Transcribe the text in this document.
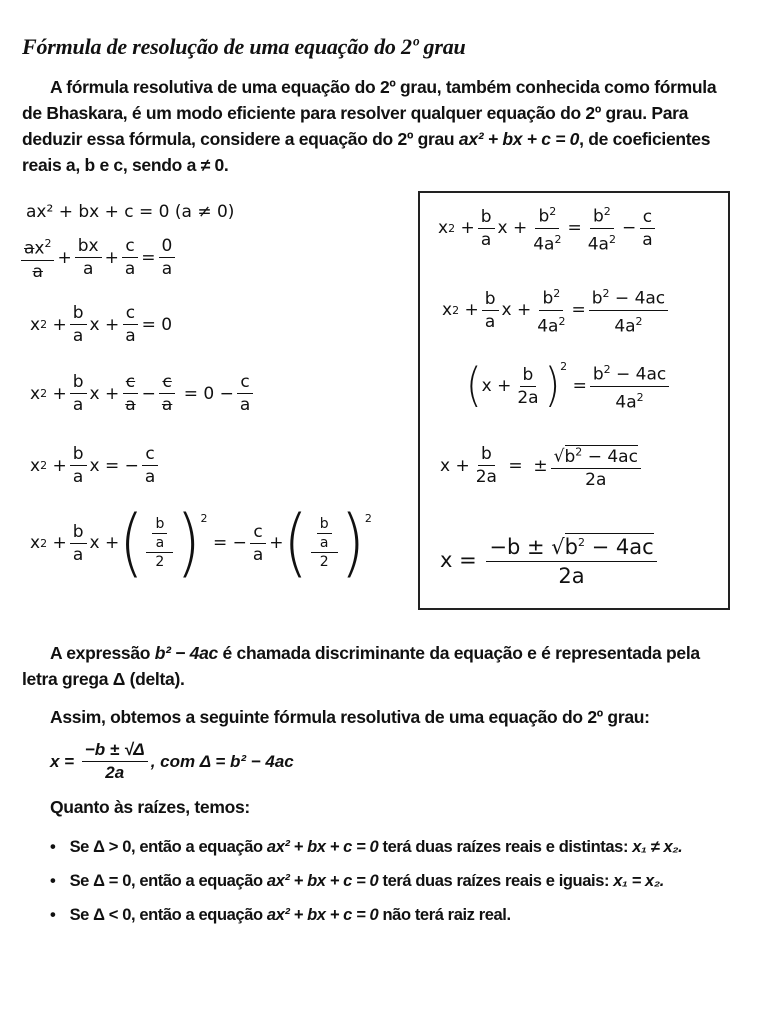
Fórmula de resolução de uma equação do 2º grau
A fórmula resolutiva de uma equação do 2º grau, também conhecida como fórmula de Bhaskara, é um modo eficiente para resolver qualquer equação do 2º grau. Para deduzir essa fórmula, considere a equação do 2º grau ax² + bx + c = 0, de coeficientes reais a, b e c, sendo a ≠ 0.
ax² + bx + c = 0 (a ≠ 0)
$\frac{ax^2}{a} + \frac{bx}{a} + \frac{c}{a} = \frac{0}{a}$
x $2 + \frac{b}{a}$ $x + \frac{c}{a} = 0$
x $2 + \frac{b}{a}$ $x + \frac{c}{a} - \frac{c}{a}$
= $0 - \frac{c}{a}$
x $2 + \frac{b}{a}$ x = − $\frac{c}{a}$
x $2 + \frac{b}{a}$ x + ( $\frac{\frac{b}{a}}{2} )^2$

= − $\frac{c}{a}$ + ( $\frac{\frac{b}{a}}{2} )^2$
x $2 + \frac{b}{a}$ $x + \frac{b^2}{4a^2} = \frac{b^2}{4a^2} - \frac{c}{a}$
x $2 + \frac{b}{a}$ $x + \frac{b^2}{4a^2} = \frac{b^2 - 4ac}{4a^2}$
( $x + \frac{b}{2a} )^2$
= $\frac{b^2 - 4ac}{4a^2}$
$x + \frac{b}{2a}$ =  ± $\frac{√b^2 - 4ac}{2a}$
$x = \frac{-b \pm √b^2 - 4ac}{2a}$
A expressão b² − 4ac é chamada discriminante da equação e é representada pela letra grega Δ (delta).
Assim, obtemos a seguinte fórmula resolutiva de uma equação do 2º grau:
x =
$\frac{-b \pm √\Delta}{2a}$ , com Δ = b² − 4ac
Quanto às raízes, temos:
• Se Δ > 0, então a equação ax² + bx + c = 0 terá duas raízes reais e distintas: x₁ ≠ x₂.
• Se Δ = 0, então a equação ax² + bx + c = 0 terá duas raízes reais e iguais: x₁ = x₂.
• Se Δ < 0, então a equação ax² + bx + c = 0 não terá raiz real.
